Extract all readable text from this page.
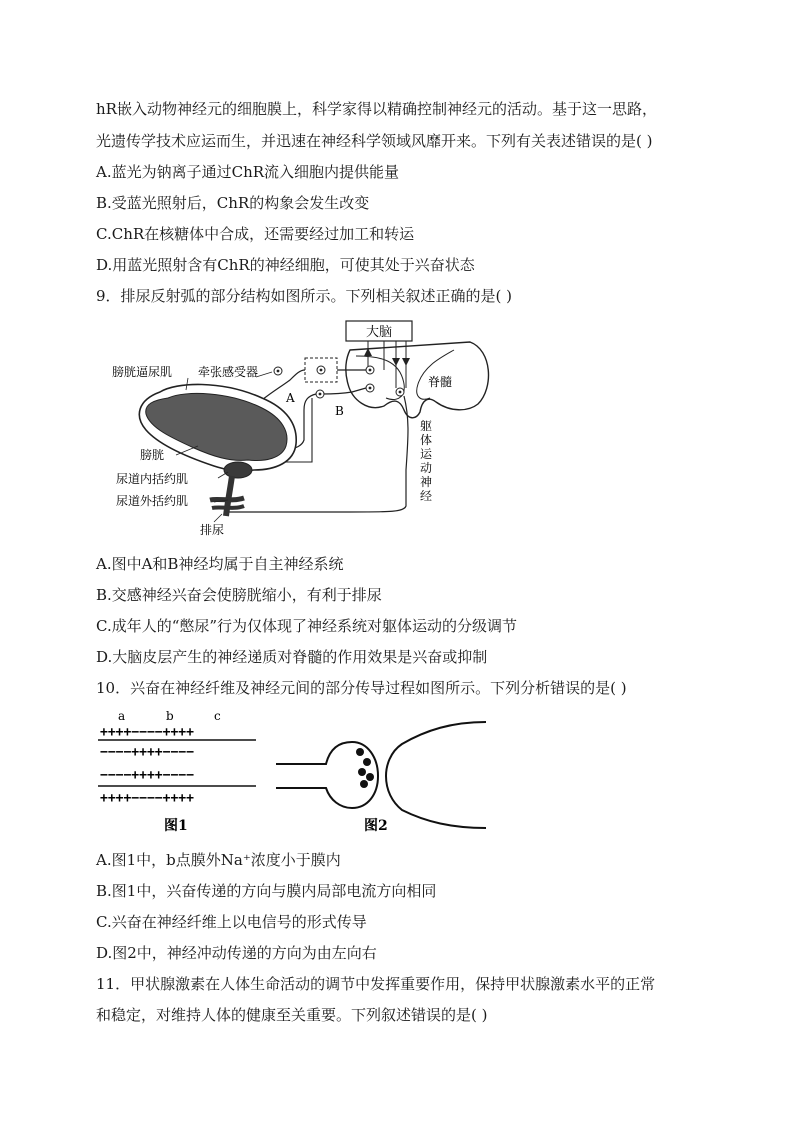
hR嵌入动物神经元的细胞膜上，科学家得以精确控制神经元的活动。基于这一思路，
光遗传学技术应运而生，并迅速在神经科学领域风靡开来。下列有关表述错误的是( )
A.蓝光为钠离子通过ChR流入细胞内提供能量
B.受蓝光照射后，ChR的构象会发生改变
C.ChR在核糖体中合成，还需要经过加工和转运
D.用蓝光照射含有ChR的神经细胞，可使其处于兴奋状态
9．排尿反射弧的部分结构如图所示。下列相关叙述正确的是( )
大脑
脊髓
牵张感受器
A
B
膀胱逼尿肌
膀胱
尿道内括约肌
尿道外括约肌
排尿
躯
体
运
动
神
经
A.图中A和B神经均属于自主神经系统
B.交感神经兴奋会使膀胱缩小，有利于排尿
C.成年人的“憋尿”行为仅体现了神经系统对躯体运动的分级调节
D.大脑皮层产生的神经递质对脊髓的作用效果是兴奋或抑制
10．兴奋在神经纤维及神经元间的部分传导过程如图所示。下列分析错误的是( )
a	b	c
++++−−−−++++
−−−−++++−−−−
−−−−++++−−−−
++++−−−−++++
图1	图2
A.图1中，b点膜外Na⁺浓度小于膜内
B.图1中，兴奋传递的方向与膜内局部电流方向相同
C.兴奋在神经纤维上以电信号的形式传导
D.图2中，神经冲动传递的方向为由左向右
11．甲状腺激素在人体生命活动的调节中发挥重要作用，保持甲状腺激素水平的正常
和稳定，对维持人体的健康至关重要。下列叙述错误的是( )
